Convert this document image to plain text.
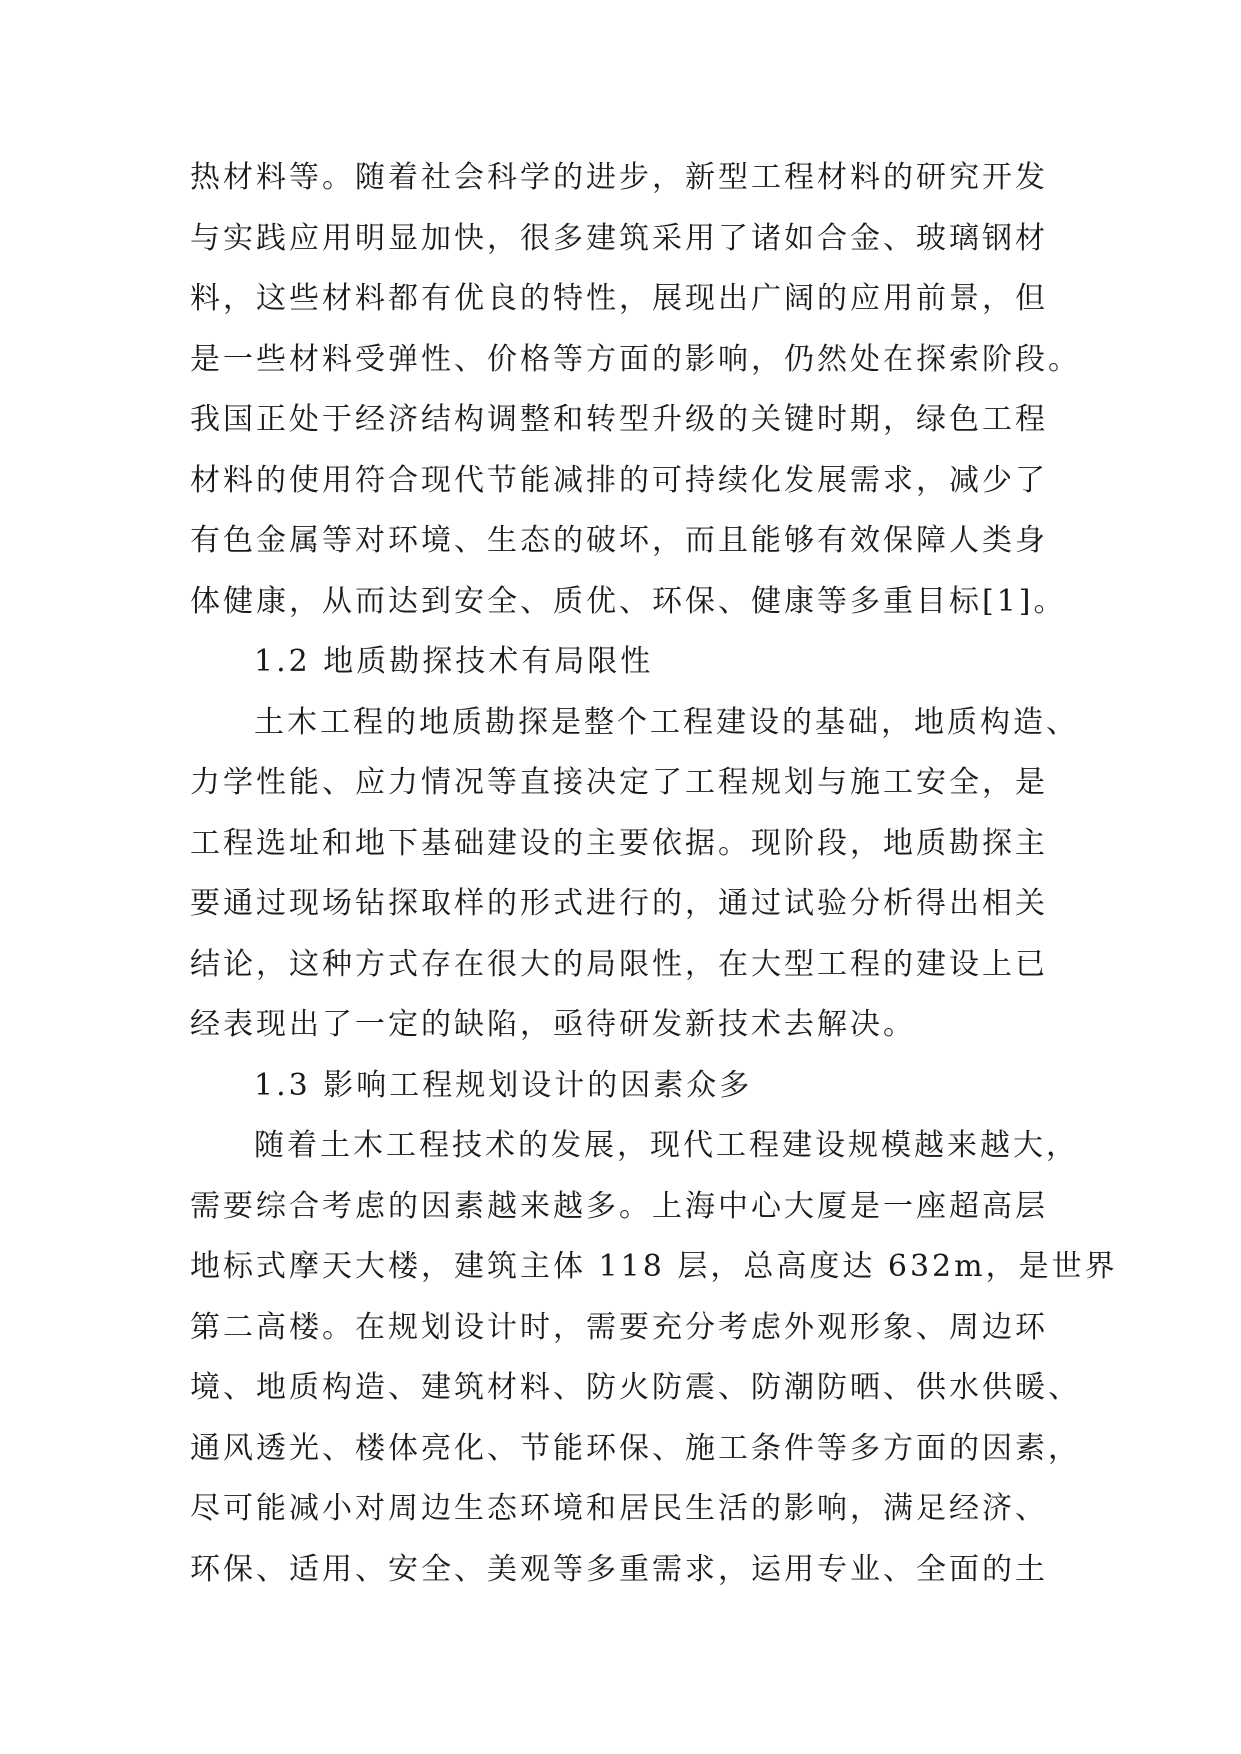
热材料等。随着社会科学的进步，新型工程材料的研究开发
与实践应用明显加快，很多建筑采用了诸如合金、玻璃钢材
料，这些材料都有优良的特性，展现出广阔的应用前景，但
是一些材料受弹性、价格等方面的影响，仍然处在探索阶段。
我国正处于经济结构调整和转型升级的关键时期，绿色工程
材料的使用符合现代节能减排的可持续化发展需求，减少了
有色金属等对环境、生态的破坏，而且能够有效保障人类身
体健康，从而达到安全、质优、环保、健康等多重目标[1]。
1.2 地质勘探技术有局限性
土木工程的地质勘探是整个工程建设的基础，地质构造、
力学性能、应力情况等直接决定了工程规划与施工安全，是
工程选址和地下基础建设的主要依据。现阶段，地质勘探主
要通过现场钻探取样的形式进行的，通过试验分析得出相关
结论，这种方式存在很大的局限性，在大型工程的建设上已
经表现出了一定的缺陷，亟待研发新技术去解决。
1.3 影响工程规划设计的因素众多
随着土木工程技术的发展，现代工程建设规模越来越大，
需要综合考虑的因素越来越多。上海中心大厦是一座超高层
地标式摩天大楼，建筑主体 118 层，总高度达 632m，是世界
第二高楼。在规划设计时，需要充分考虑外观形象、周边环
境、地质构造、建筑材料、防火防震、防潮防晒、供水供暖、
通风透光、楼体亮化、节能环保、施工条件等多方面的因素，
尽可能减小对周边生态环境和居民生活的影响，满足经济、
环保、适用、安全、美观等多重需求，运用专业、全面的土
